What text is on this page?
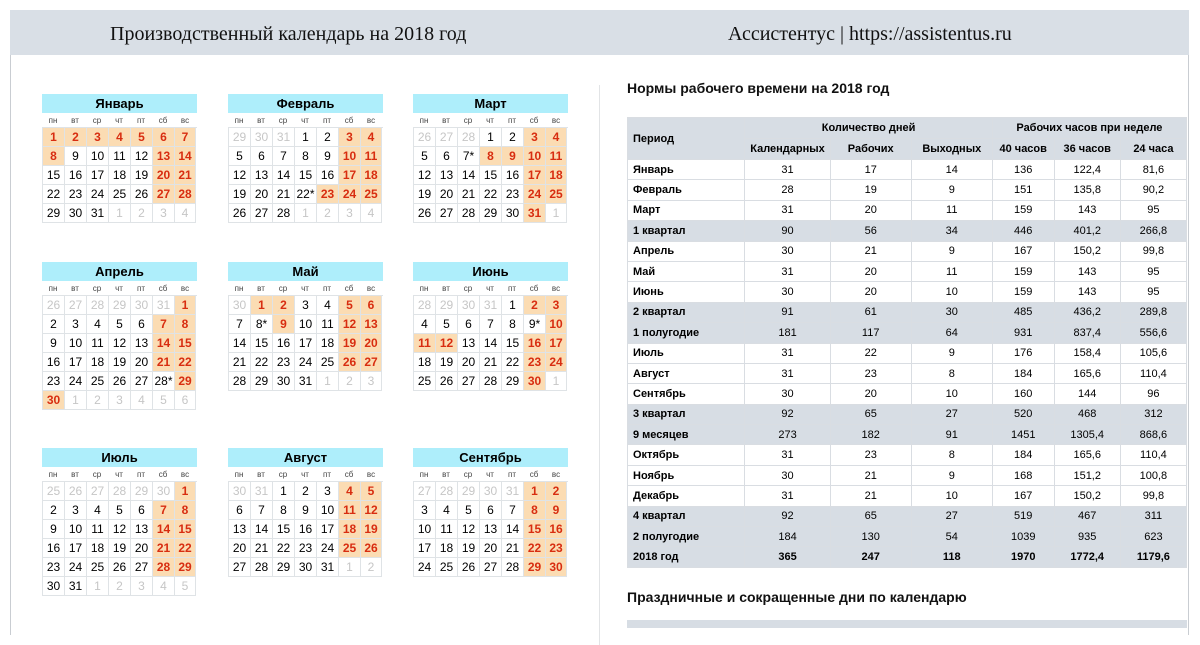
Производственный календарь на 2018 год	Ассистентус | https://assistentus.ru
Январь
пн	вт	ср	чт	пт	сб	вс
1	2	3	4	5	6	7
8	9 10 11 12 13 14
15 16 17 18 19 20 21
22 23 24 25 26 27 28
29 30 31 1	2	3	4
Февраль
пн	вт	ср	чт	пт	сб	вс
29 30 31 1	2	3	4
5	6	7	8	9 10 11
12 13 14 15 16 17 18
19 20 21 22* 23 24 25
26 27 28 1	2	3	4
Март
пн	вт	ср	чт	пт	сб	вс
26 27 28 1	2	3	4
5	6	7*	8	9 10 11
12 13 14 15 16 17 18
19 20 21 22 23 24 25
26 27 28 29 30 31 1
Апрель
пн	вт	ср	чт	пт	сб	вс
26 27 28 29 30 31 1
2	3	4	5	6	7	8
9 10 11 12 13 14 15
16 17 18 19 20 21 22
23 24 25 26 27 28* 29
30 1	2	3	4	5	6
Май
пн	вт	ср	чт	пт	сб	вс
30 1	2	3	4	5	6
7	8*	9 10 11 12 13
14 15 16 17 18 19 20
21 22 23 24 25 26 27
28 29 30 31 1	2	3
Июнь
пн	вт	ср	чт	пт	сб	вс
28 29 30 31 1	2	3
4	5	6	7	8	9* 10
11 12 13 14 15 16 17
18 19 20 21 22 23 24
25 26 27 28 29 30 1
Июль
пн	вт	ср	чт	пт	сб	вс
25 26 27 28 29 30 1
2	3	4	5	6	7	8
9 10 11 12 13 14 15
16 17 18 19 20 21 22
23 24 25 26 27 28 29
30 31 1	2	3	4	5
Август
пн	вт	ср	чт	пт	сб	вс
30 31 1	2	3	4	5
6	7	8	9 10 11 12
13 14 15 16 17 18 19
20 21 22 23 24 25 26
27 28 29 30 31 1	2
Сентябрь
пн	вт	ср	чт	пт	сб	вс
27 28 29 30 31 1	2
3	4	5	6	7	8	9
10 11 12 13 14 15 16
17 18 19 20 21 22 23
24 25 26 27 28 29 30
Нормы рабочего времени на 2018 год
Период	Количество дней			Рабочих часов при неделе		
	Календарных	Рабочих	Выходных	40 часов	36 часов	24 часа
Январь	31	17	14	136	122,4	81,6
Февраль	28	19	9	151	135,8	90,2
Март	31	20	11	159	143	95
1 квартал	90	56	34	446	401,2	266,8
Апрель	30	21	9	167	150,2	99,8
Май	31	20	11	159	143	95
Июнь	30	20	10	159	143	95
2 квартал	91	61	30	485	436,2	289,8
1 полугодие	181	117	64	931	837,4	556,6
Июль	31	22	9	176	158,4	105,6
Август	31	23	8	184	165,6	110,4
Сентябрь	30	20	10	160	144	96
3 квартал	92	65	27	520	468	312
9 месяцев	273	182	91	1451	1305,4	868,6
Октябрь	31	23	8	184	165,6	110,4
Ноябрь	30	21	9	168	151,2	100,8
Декабрь	31	21	10	167	150,2	99,8
4 квартал	92	65	27	519	467	311
2 полугодие	184	130	54	1039	935	623
2018 год	365	247	118	1970	1772,4	1179,6
Праздничные и сокращенные дни по календарю
